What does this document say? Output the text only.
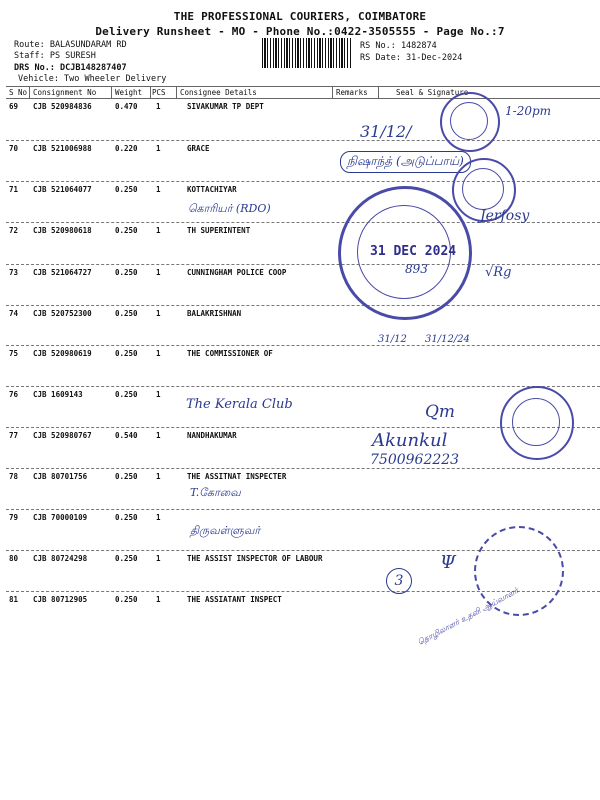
THE PROFESSIONAL COURIERS, COIMBATORE
Delivery Runsheet - MO - Phone No.:0422-3505555 - Page No.:7
Route: BALASUNDARAM RD
Staff: PS SURESH
DRS No.: DCJB148287407
Vehicle: Two Wheeler Delivery
RS No.: 1482874
RS Date: 31-Dec-2024
S No Consignment No	Weight PCS Consignee Details	Remarks	Seal & Signature
69 CJB 520984836	0.470 1	SIVAKUMAR TP DEPT
70 CJB 521006988	0.220 1	GRACE
71 CJB 521064077	0.250 1	KOTTACHIYAR
72 CJB 520980618	0.250 1	TH SUPERINTENT
73 CJB 521064727	0.250 1	CUNNINGHAM POLICE COOP
74 CJB 520752300	0.250 1	BALAKRISHNAN
75 CJB 520980619	0.250 1	THE COMMISSIONER OF
76 CJB 1609143	0.250 1
77 CJB 520980767	0.540 1	NANDHAKUMAR
78 CJB 80701756	0.250 1	THE ASSITNAT INSPECTER
79 CJB 70000109	0.250 1
80 CJB 80724298	0.250 1	THE ASSIST INSPECTOR OF LABOUR
81 CJB 80712905	0.250 1	THE ASSIATANT INSPECT
1-20pm
31/12/
நிஷாந்த் (அடுப்பாய்)
கொரியர் (RDO)
31 DEC 2024
893
Jerfosy
√Rg
31/12 31/12/24
The Kerala Club	Qm
Akunkul
7500962223
T.கோவை
திருவள்ளுவர்
3
Ψ
தொழிலாளர் உதவி ஆய்வாளர்
